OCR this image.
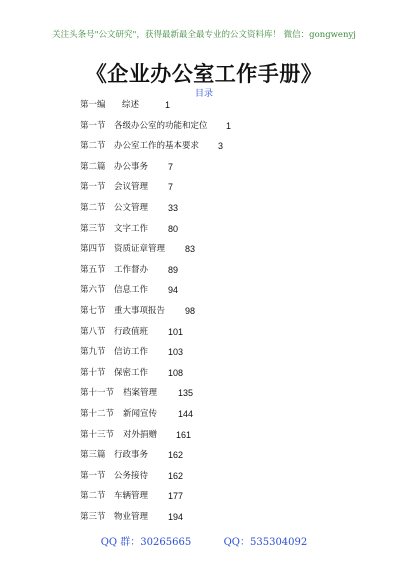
关注头条号"公文研究"，获得最新最全最专业的公文资料库！ 微信：gongwenyj
《企业办公室工作手册》
目录
第一编 综述	1
第一节 各级办公室的功能和定位 1
第二节 办公室工作的基本要求 3
第二篇 办公事务 7
第一节 会议管理 7
第二节 公文管理 33
第三节 文字工作 80
第四节 资质证章管理 83
第五节 工作督办 89
第六节 信息工作 94
第七节 重大事项报告 98
第八节 行政值班 101
第九节 信访工作 103
第十节 保密工作 108
第十一节 档案管理 135
第十二节 新闻宣传 144
第十三节 对外捐赠 161
第三篇 行政事务 162
第一节 公务接待 162
第二节 车辆管理 177
第三节 物业管理 194
QQ 群：30265665	QQ：535304092
